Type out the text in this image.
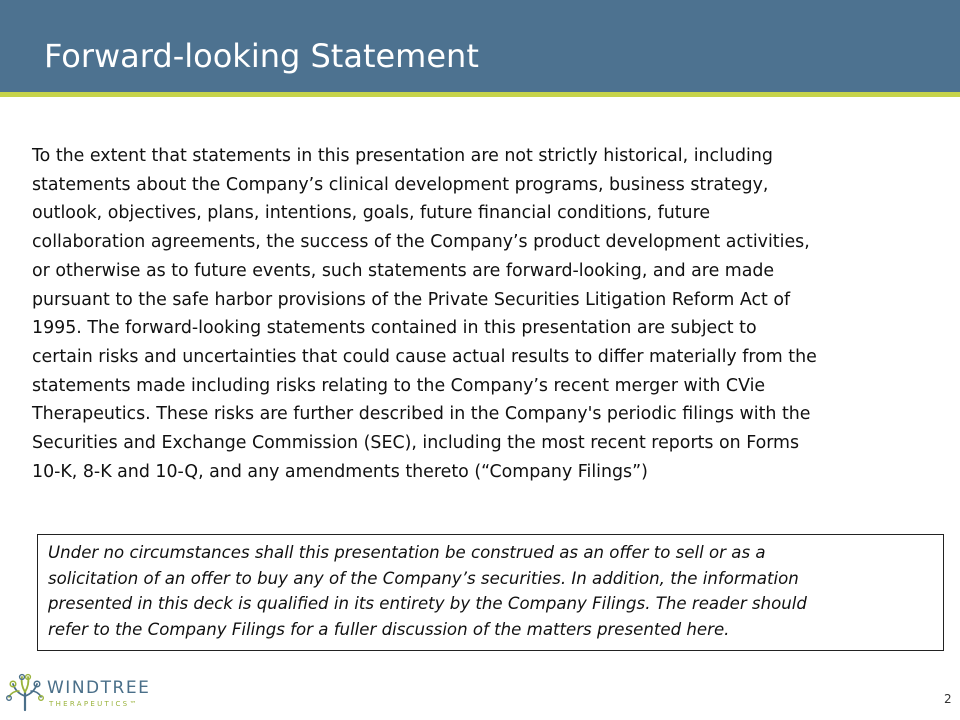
Forward-looking Statement
To the extent that statements in this presentation are not strictly historical, including
statements about the Company’s clinical development programs, business strategy,
outlook, objectives, plans, intentions, goals, future financial conditions, future
collaboration agreements, the success of the Company’s product development activities,
or otherwise as to future events, such statements are forward-looking, and are made
pursuant to the safe harbor provisions of the Private Securities Litigation Reform Act of
1995. The forward-looking statements contained in this presentation are subject to
certain risks and uncertainties that could cause actual results to differ materially from the
statements made including risks relating to the Company’s recent merger with CVie
Therapeutics. These risks are further described in the Company's periodic filings with the
Securities and Exchange Commission (SEC), including the most recent reports on Forms
10-K, 8-K and 10-Q, and any amendments thereto (“Company Filings”)

Under no circumstances shall this presentation be construed as an offer to sell or as a
solicitation of an offer to buy any of the Company’s securities. In addition, the information
presented in this deck is qualified in its entirety by the Company Filings. The reader should
refer to the Company Filings for a fuller discussion of the matters presented here.

WINDTREE
THERAPEUTICS™	2
